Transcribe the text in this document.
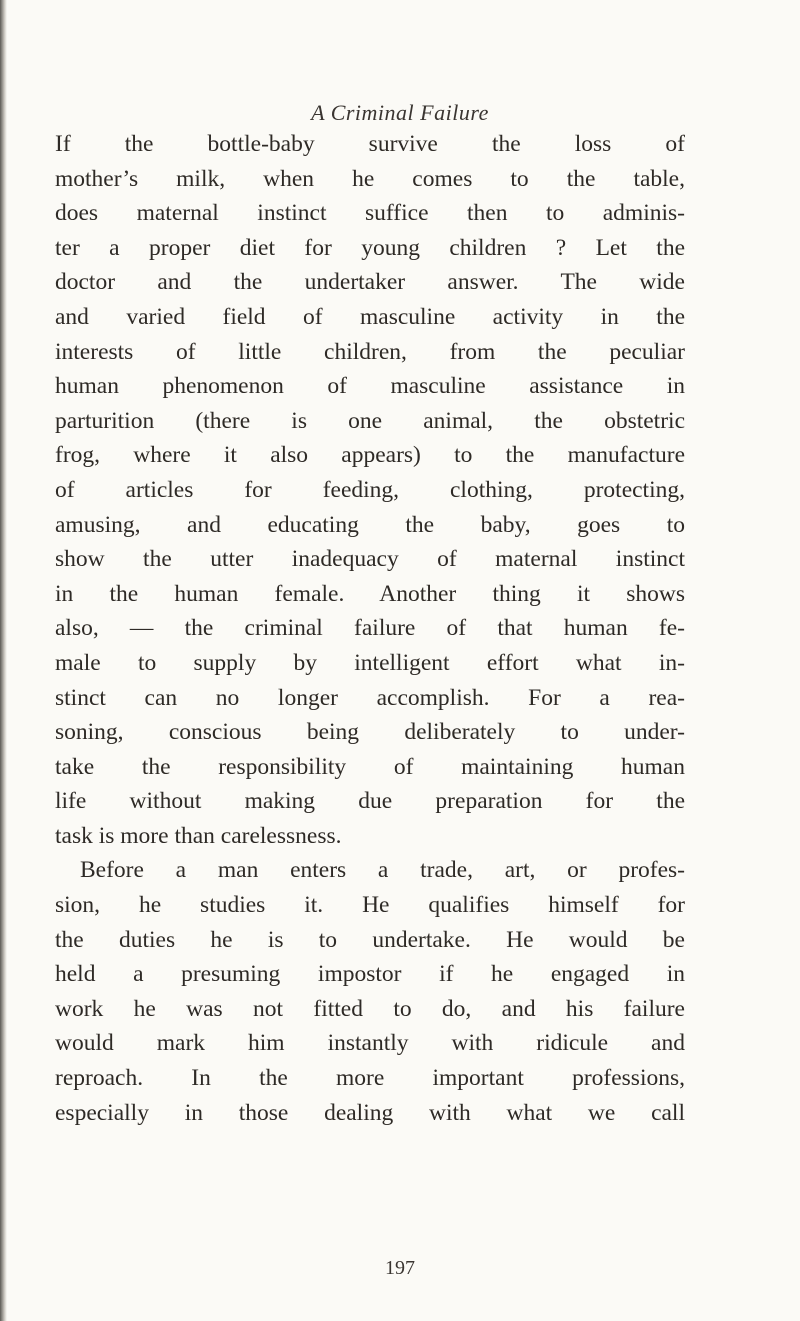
A Criminal Failure
If the bottle-baby survive the loss of
mother’s milk, when he comes to the table,
does maternal instinct suffice then to adminis-
ter a proper diet for young children ? Let the
doctor and the undertaker answer. The wide
and varied field of masculine activity in the
interests of little children, from the peculiar
human phenomenon of masculine assistance in
parturition (there is one animal, the obstetric
frog, where it also appears) to the manufacture
of articles for feeding, clothing, protecting,
amusing, and educating the baby, goes to
show the utter inadequacy of maternal instinct
in the human female. Another thing it shows
also, — the criminal failure of that human fe-
male to supply by intelligent effort what in-
stinct can no longer accomplish. For a rea-
soning, conscious being deliberately to under-
take the responsibility of maintaining human
life without making due preparation for the
task is more than carelessness.
Before a man enters a trade, art, or profes-
sion, he studies it. He qualifies himself for
the duties he is to undertake. He would be
held a presuming impostor if he engaged in
work he was not fitted to do, and his failure
would mark him instantly with ridicule and
reproach. In the more important professions,
especially in those dealing with what we call
197
